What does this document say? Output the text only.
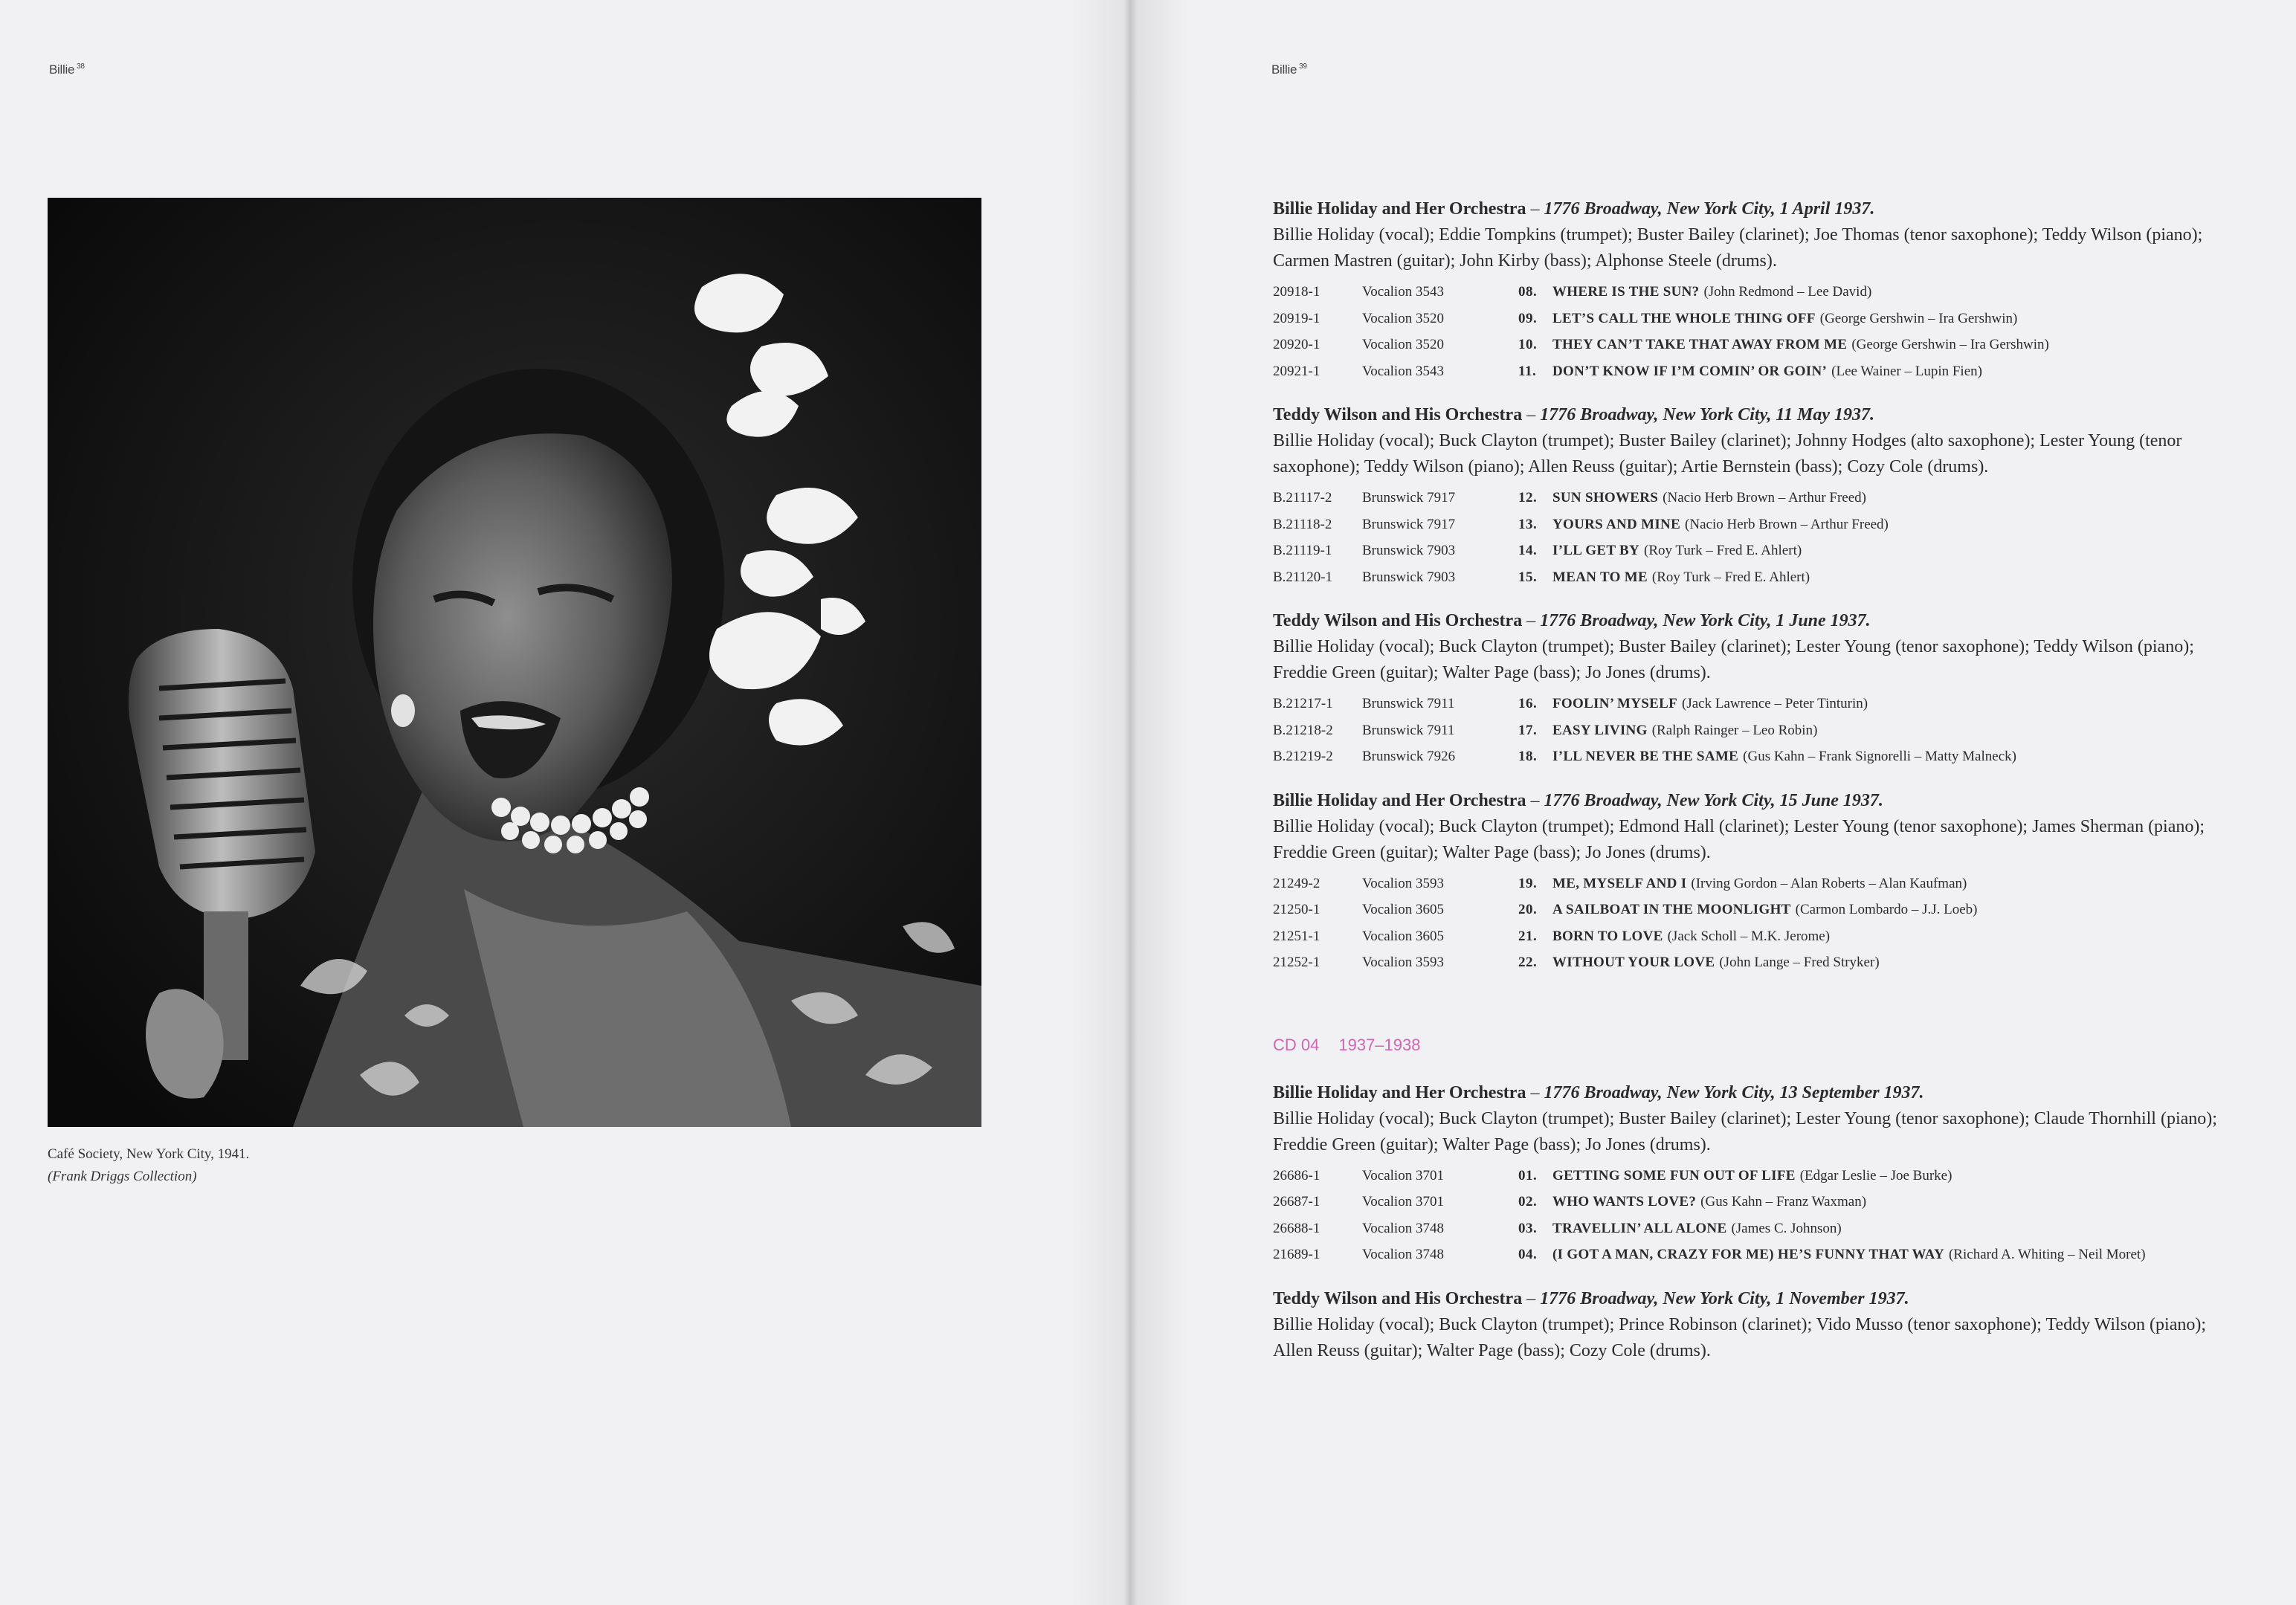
Billie $^{38}$
Café Society, New York City, 1941.
(Frank Driggs Collection)
Billie $^{39}$
Billie Holiday and Her Orchestra – 1776 Broadway, New York City, 1 April 1937.
Billie Holiday (vocal); Eddie Tompkins (trumpet); Buster Bailey (clarinet); Joe Thomas (tenor saxophone); Teddy Wilson (piano); Carmen Mastren (guitar); John Kirby (bass); Alphonse Steele (drums).
20918-1	Vocalion 3543	08.	WHERE IS THE SUN? (John Redmond – Lee David)
20919-1	Vocalion 3520	09.	LET’S CALL THE WHOLE THING OFF (George Gershwin – Ira Gershwin)
20920-1	Vocalion 3520	10.	THEY CAN’T TAKE THAT AWAY FROM ME (George Gershwin – Ira Gershwin)
20921-1	Vocalion 3543	11.	DON’T KNOW IF I’M COMIN’ OR GOIN’ (Lee Wainer – Lupin Fien)
Teddy Wilson and His Orchestra – 1776 Broadway, New York City, 11 May 1937.
Billie Holiday (vocal); Buck Clayton (trumpet); Buster Bailey (clarinet); Johnny Hodges (alto saxophone); Lester Young (tenor saxophone); Teddy Wilson (piano); Allen Reuss (guitar); Artie Bernstein (bass); Cozy Cole (drums).
B.21117-2	Brunswick 7917	12.	SUN SHOWERS (Nacio Herb Brown – Arthur Freed)
B.21118-2	Brunswick 7917	13.	YOURS AND MINE (Nacio Herb Brown – Arthur Freed)
B.21119-1	Brunswick 7903	14.	I’LL GET BY (Roy Turk – Fred E. Ahlert)
B.21120-1	Brunswick 7903	15.	MEAN TO ME (Roy Turk – Fred E. Ahlert)
Teddy Wilson and His Orchestra – 1776 Broadway, New York City, 1 June 1937.
Billie Holiday (vocal); Buck Clayton (trumpet); Buster Bailey (clarinet); Lester Young (tenor saxophone); Teddy Wilson (piano); Freddie Green (guitar); Walter Page (bass); Jo Jones (drums).
B.21217-1	Brunswick 7911	16.	FOOLIN’ MYSELF (Jack Lawrence – Peter Tinturin)
B.21218-2	Brunswick 7911	17.	EASY LIVING (Ralph Rainger – Leo Robin)
B.21219-2	Brunswick 7926	18.	I’LL NEVER BE THE SAME (Gus Kahn – Frank Signorelli – Matty Malneck)
Billie Holiday and Her Orchestra – 1776 Broadway, New York City, 15 June 1937.
Billie Holiday (vocal); Buck Clayton (trumpet); Edmond Hall (clarinet); Lester Young (tenor saxophone); James Sherman (piano); Freddie Green (guitar); Walter Page (bass); Jo Jones (drums).
21249-2	Vocalion 3593	19.	ME, MYSELF AND I (Irving Gordon – Alan Roberts – Alan Kaufman)
21250-1	Vocalion 3605	20.	A SAILBOAT IN THE MOONLIGHT (Carmon Lombardo – J.J. Loeb)
21251-1	Vocalion 3605	21.	BORN TO LOVE (Jack Scholl – M.K. Jerome)
21252-1	Vocalion 3593	22.	WITHOUT YOUR LOVE (John Lange – Fred Stryker)
CD 04 1937–1938
Billie Holiday and Her Orchestra – 1776 Broadway, New York City, 13 September 1937.
Billie Holiday (vocal); Buck Clayton (trumpet); Buster Bailey (clarinet); Lester Young (tenor saxophone); Claude Thornhill (piano); Freddie Green (guitar); Walter Page (bass); Jo Jones (drums).
26686-1	Vocalion 3701	01.	GETTING SOME FUN OUT OF LIFE (Edgar Leslie – Joe Burke)
26687-1	Vocalion 3701	02.	WHO WANTS LOVE? (Gus Kahn – Franz Waxman)
26688-1	Vocalion 3748	03.	TRAVELLIN’ ALL ALONE (James C. Johnson)
21689-1	Vocalion 3748	04.	(I GOT A MAN, CRAZY FOR ME) HE’S FUNNY THAT WAY (Richard A. Whiting – Neil Moret)
Teddy Wilson and His Orchestra – 1776 Broadway, New York City, 1 November 1937.
Billie Holiday (vocal); Buck Clayton (trumpet); Prince Robinson (clarinet); Vido Musso (tenor saxophone); Teddy Wilson (piano); Allen Reuss (guitar); Walter Page (bass); Cozy Cole (drums).
